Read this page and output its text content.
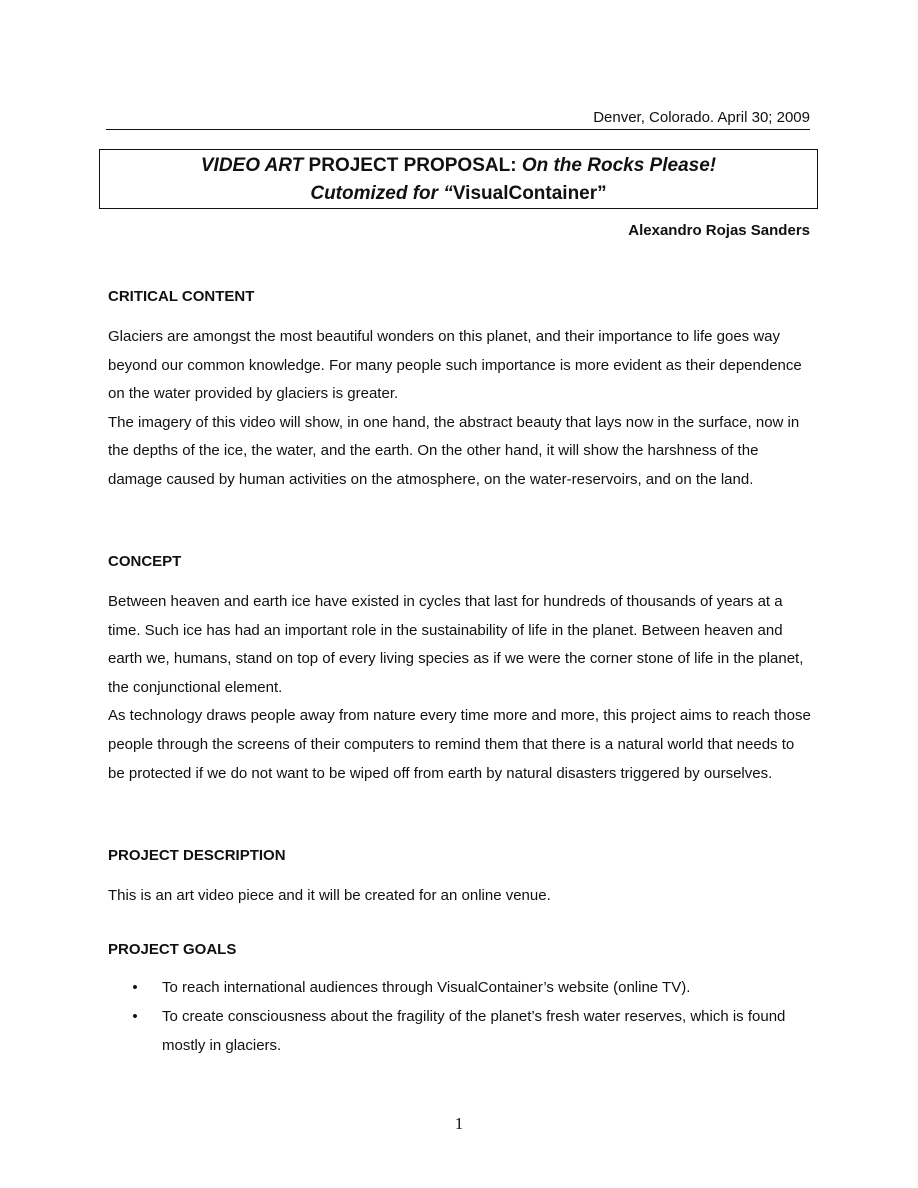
Denver, Colorado. April 30; 2009
VIDEO ART PROJECT PROPOSAL: On the Rocks Please!
Cutomized for “VisualContainer”
Alexandro Rojas Sanders

CRITICAL CONTENT

Glaciers are amongst the most beautiful wonders on this planet, and their importance to life goes way beyond our common knowledge. For many people such importance is more evident as their dependence on the water provided by glaciers is greater.

The imagery of this video will show, in one hand, the abstract beauty that lays now in the surface, now in the depths of the ice, the water, and the earth. On the other hand, it will show the harshness of the damage caused by human activities on the atmosphere, on the water-reservoirs, and on the land.

CONCEPT

Between heaven and earth ice have existed in cycles that last for hundreds of thousands of years at a time. Such ice has had an important role in the sustainability of life in the planet. Between heaven and earth we, humans, stand on top of every living species as if we were the corner stone of life in the planet, the conjunctional element.

As technology draws people away from nature every time more and more, this project aims to reach those people through the screens of their computers to remind them that there is a natural world that needs to be protected if we do not want to be wiped off from earth by natural disasters triggered by ourselves.

PROJECT DESCRIPTION

This is an art video piece and it will be created for an online venue.

PROJECT GOALS

• To reach international audiences through VisualContainer’s website (online TV).
• To create consciousness about the fragility of the planet’s fresh water reserves, which is found mostly in glaciers.
1
